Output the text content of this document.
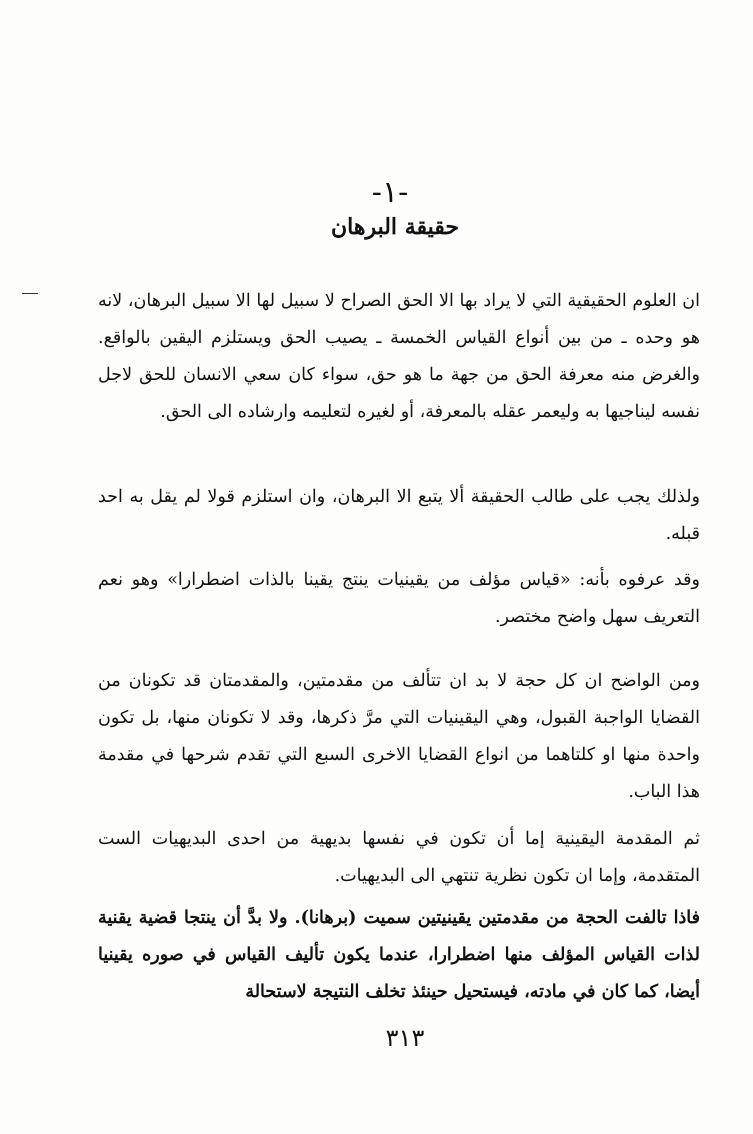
-١-
حقيقة البرهان
ان العلوم الحقيقية التي لا يراد بها الا الحق الصراح لا سبيل لها الا سبيل البرهان، لانه هو وحده ـ من بين أنواع القياس الخمسة ـ يصيب الحق ويستلزم اليقين بالواقع. والغرض منه معرفة الحق من جهة ما هو حق، سواء كان سعي الانسان للحق لاجل نفسه ليناجيها به وليعمر عقله بالمعرفة، أو لغيره لتعليمه وارشاده الى الحق.
ولذلك يجب على طالب الحقيقة ألا يتبع الا البرهان، وان استلزم قولا لم يقل به احد قبله.
وقد عرفوه بأنه: «قياس مؤلف من يقينيات ينتج يقينا بالذات اضطرارا» وهو نعم التعريف سهل واضح مختصر.
ومن الواضح ان كل حجة لا بد ان تتألف من مقدمتين، والمقدمتان قد تكونان من القضايا الواجبة القبول، وهي اليقينيات التي مرَّ ذكرها، وقد لا تكونان منها، بل تكون واحدة منها او كلتاهما من انواع القضايا الاخرى السبع التي تقدم شرحها في مقدمة هذا الباب.
ثم المقدمة اليقينية إما أن تكون في نفسها بديهية من احدى البديهيات الست المتقدمة، وإما ان تكون نظرية تنتهي الى البديهيات.
فاذا تالفت الحجة من مقدمتين يقينيتين سميت (برهانا). ولا بدَّ أن ينتجا قضية يقنية لذات القياس المؤلف منها اضطرارا، عندما يكون تأليف القياس في صوره يقينيا أيضا، كما كان في مادته، فيستحيل حينئذ تخلف النتيجة لاستحالة
٣١٣
